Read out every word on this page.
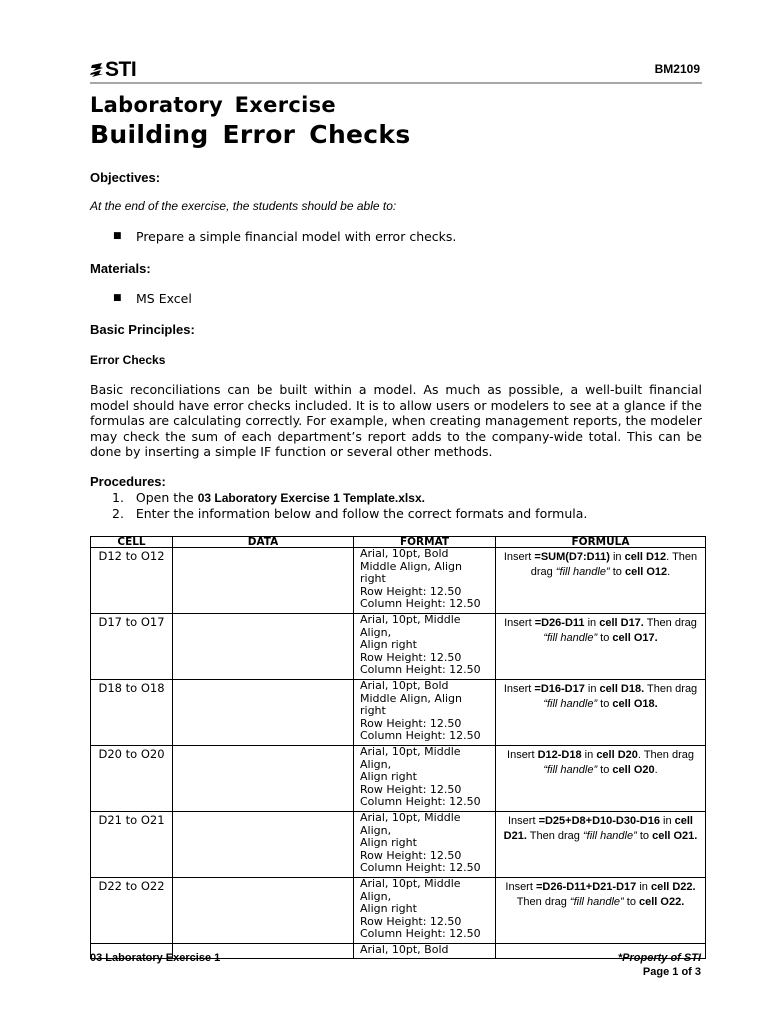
STI	BM2109
Laboratory Exercise
Building Error Checks
Objectives:
At the end of the exercise, the students should be able to:
■ Prepare a simple financial model with error checks.
Materials:
■ MS Excel
Basic Principles:
Error Checks
Basic reconciliations can be built within a model. As much as possible, a well-built financial model should have error checks included. It is to allow users or modelers to see at a glance if the formulas are calculating correctly. For example, when creating management reports, the modeler may check the sum of each department’s report adds to the company-wide total. This can be done by inserting a simple IF function or several other methods.
Procedures:
1. Open the 03 Laboratory Exercise 1 Template.xlsx.
2. Enter the information below and follow the correct formats and formula.
CELL	DATA	FORMAT	FORMULA
D12 to O12		Arial, 10pt, Bold
Middle Align, Align
right
Row Height: 12.50
Column Height: 12.50	Insert =SUM(D7:D11) in cell D12. Then drag “fill handle” to cell O12.
D17 to O17		Arial, 10pt, Middle
Align,
Align right
Row Height: 12.50
Column Height: 12.50	Insert =D26-D11 in cell D17. Then drag “fill handle” to cell O17.
D18 to O18		Arial, 10pt, Bold
Middle Align, Align
right
Row Height: 12.50
Column Height: 12.50	Insert =D16-D17 in cell D18. Then drag “fill handle” to cell O18.
D20 to O20		Arial, 10pt, Middle
Align,
Align right
Row Height: 12.50
Column Height: 12.50	Insert D12-D18 in cell D20. Then drag “fill handle” to cell O20.
D21 to O21		Arial, 10pt, Middle
Align,
Align right
Row Height: 12.50
Column Height: 12.50	Insert =D25+D8+D10-D30-D16 in cell D21. Then drag “fill handle” to cell O21.
D22 to O22		Arial, 10pt, Middle
Align,
Align right
Row Height: 12.50
Column Height: 12.50	Insert =D26-D11+D21-D17 in cell D22. Then drag “fill handle” to cell O22.

		Arial, 10pt, Bold	

03 Laboratory Exercise 1	*Property of STI
Page 1 of 3
